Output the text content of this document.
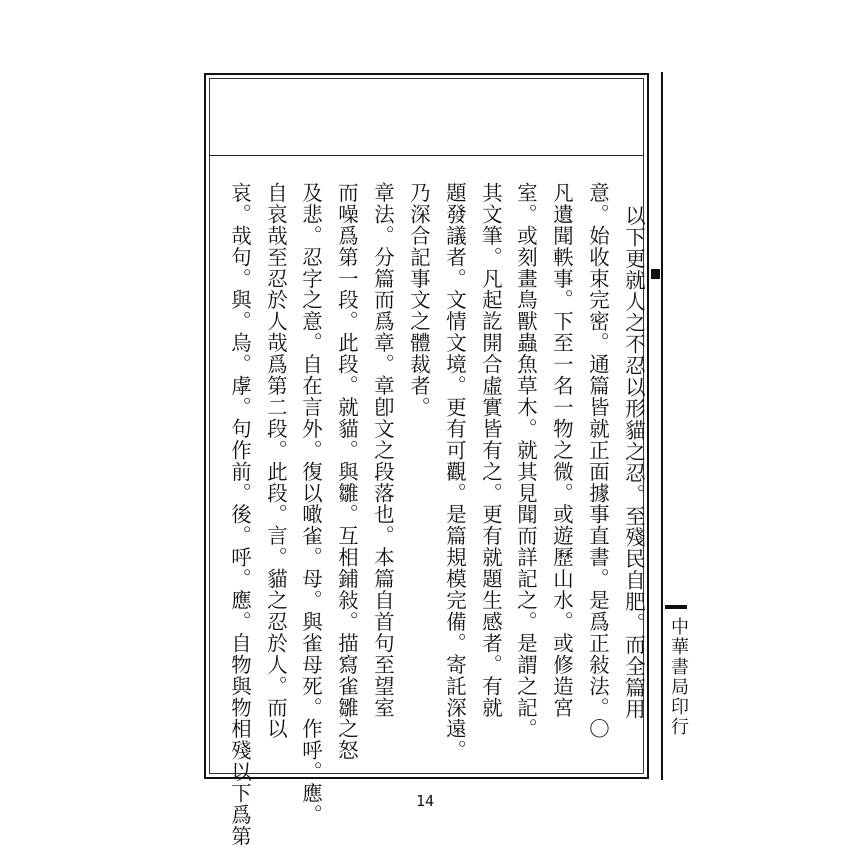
以下更就人之不忍以形貓之忍。至殘民自肥。而全篇用
意。始收束完密。通篇皆就正面據事直書。是爲正敍法。〇
凡遺聞軼事。下至一名一物之微。或遊歷山水。或修造宮
室。或刻畫鳥獸蟲魚草木。就其見聞而詳記之。是謂之記。
其文筆。凡起訖開合虛實皆有之。更有就題生感者。有就
題發議者。文情文境。更有可觀。是篇規模完備。寄託深遠。
乃深合記事文之體裁者。
章法。分篇而爲章。章卽文之段落也。本篇自首句至望室
而噪爲第一段。此段。就貓。與雛。互相鋪敍。描寫雀雛之怒
及悲。忍字之意。自在言外。復以噉雀。母。與雀母死。作呼。應。
自哀哉至忍於人哉爲第二段。此段。言。貓之忍於人。而以
哀。哉句。與。烏。虖。句作前。後。呼。應。自物與物相殘以下爲第	中華書局印行
14
